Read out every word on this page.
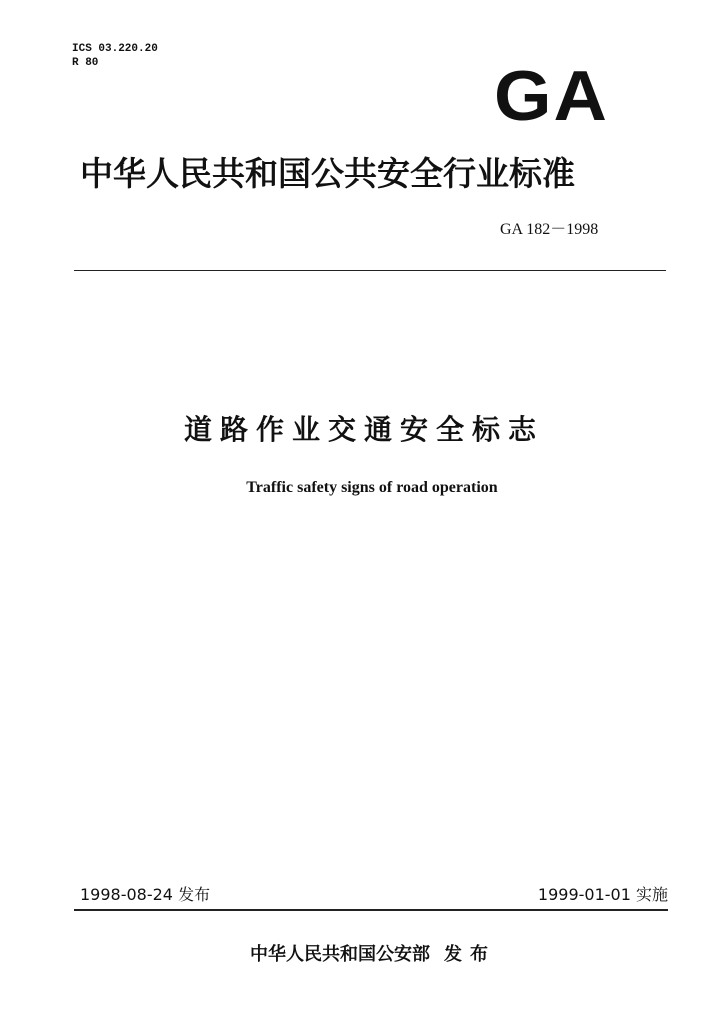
ICS 03.220.20
R 80	GA
中华人民共和国公共安全行业标准
GA 182－1998
道路作业交通安全标志
Traffic safety signs of road operation
1998-08-24 发布	1999-01-01 实施
中华人民共和国公安部 发布
